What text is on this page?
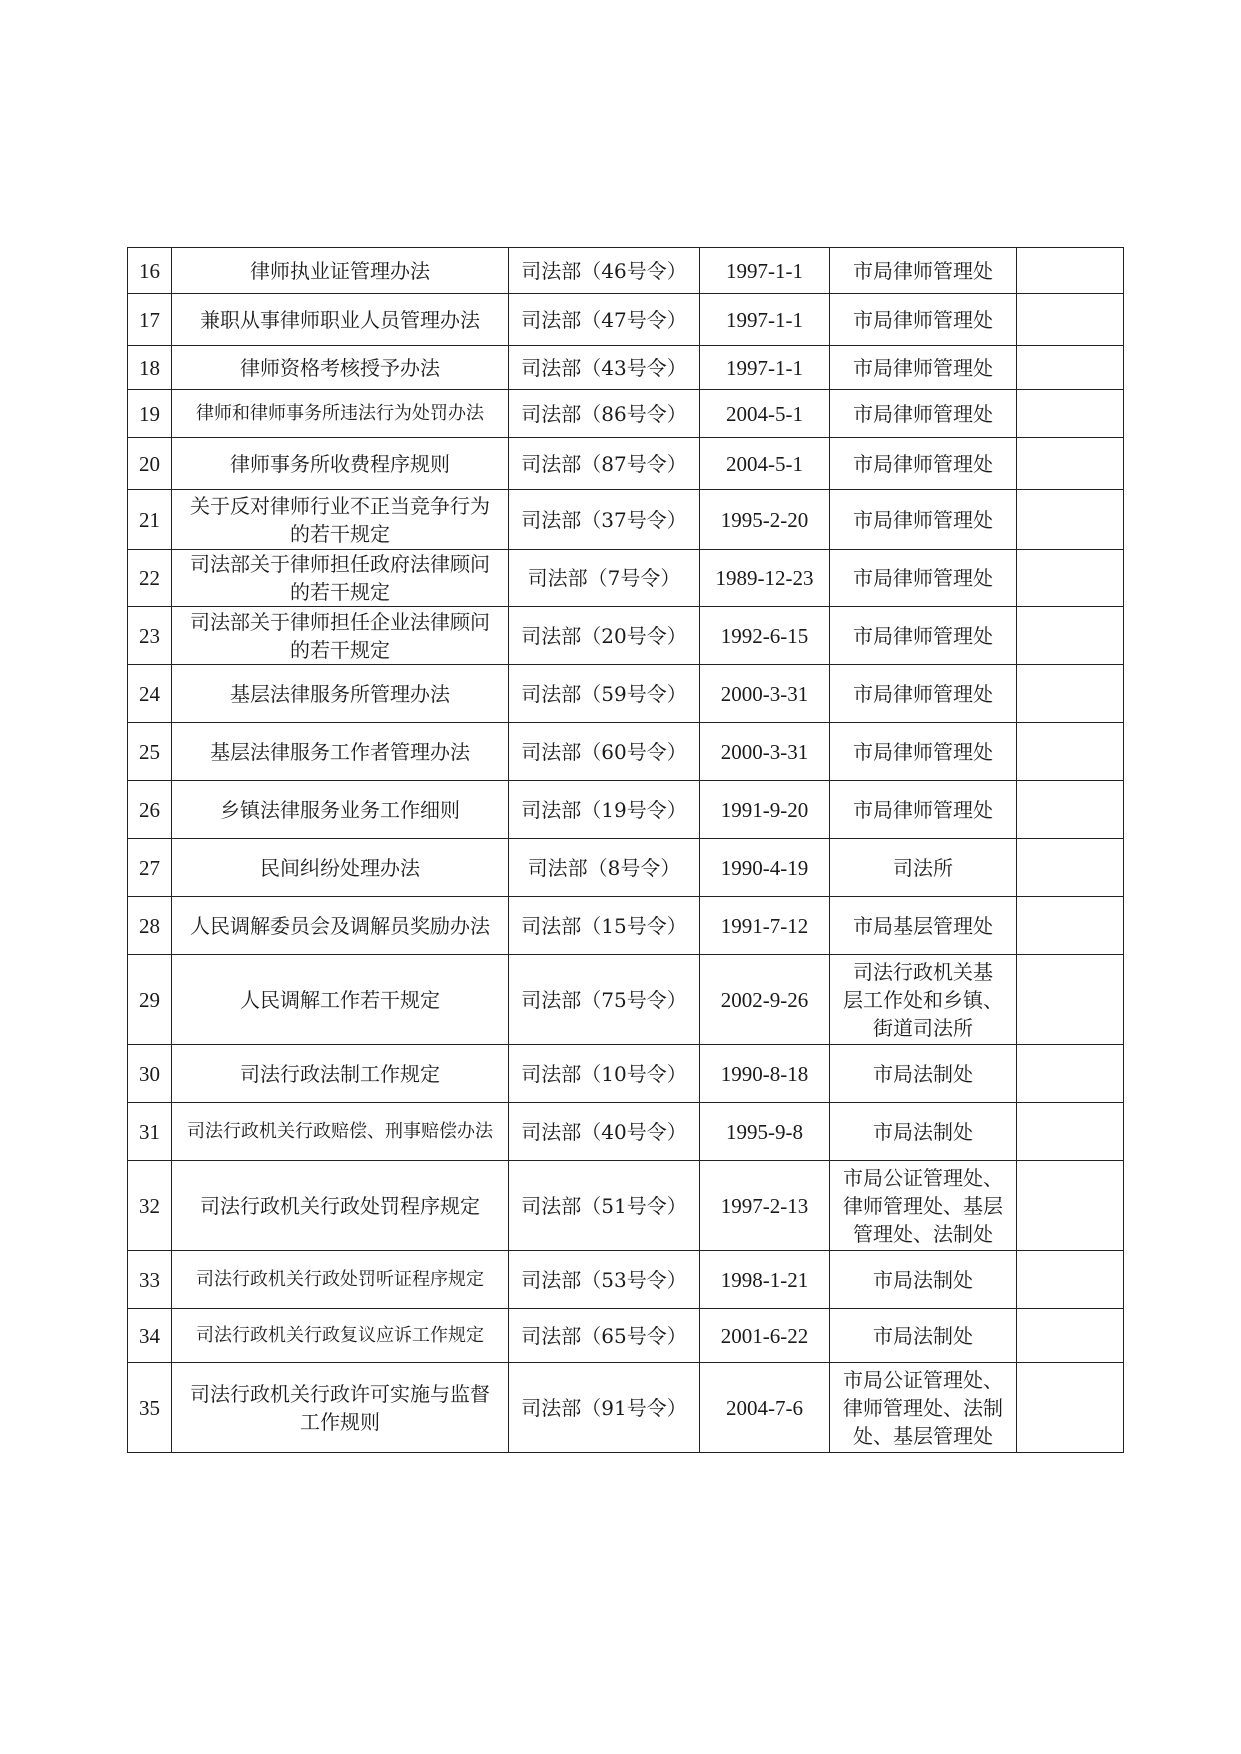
16	律师执业证管理办法	司法部（46号令）	1997-1-1	市局律师管理处	
17	兼职从事律师职业人员管理办法	司法部（47号令）	1997-1-1	市局律师管理处	
18	律师资格考核授予办法	司法部（43号令）	1997-1-1	市局律师管理处	
19	律师和律师事务所违法行为处罚办法	司法部（86号令）	2004-5-1	市局律师管理处	
20	律师事务所收费程序规则	司法部（87号令）	2004-5-1	市局律师管理处	
21	关于反对律师行业不正当竞争行为
的若干规定	司法部（37号令）	1995-2-20	市局律师管理处	
22	司法部关于律师担任政府法律顾问
的若干规定	司法部（7号令）	1989-12-23	市局律师管理处	
23	司法部关于律师担任企业法律顾问
的若干规定	司法部（20号令）	1992-6-15	市局律师管理处	
24	基层法律服务所管理办法	司法部（59号令）	2000-3-31	市局律师管理处	
25	基层法律服务工作者管理办法	司法部（60号令）	2000-3-31	市局律师管理处	
26	乡镇法律服务业务工作细则	司法部（19号令）	1991-9-20	市局律师管理处	
27	民间纠纷处理办法	司法部（8号令）	1990-4-19	司法所	
28	人民调解委员会及调解员奖励办法	司法部（15号令）	1991-7-12	市局基层管理处	
29	人民调解工作若干规定	司法部（75号令）	2002-9-26	司法行政机关基
层工作处和乡镇、
街道司法所	
30	司法行政法制工作规定	司法部（10号令）	1990-8-18	市局法制处	
31	司法行政机关行政赔偿、刑事赔偿办法	司法部（40号令）	1995-9-8	市局法制处	
32	司法行政机关行政处罚程序规定	司法部（51号令）	1997-2-13	市局公证管理处、
律师管理处、基层
管理处、法制处	
33	司法行政机关行政处罚听证程序规定	司法部（53号令）	1998-1-21	市局法制处	
34	司法行政机关行政复议应诉工作规定	司法部（65号令）	2001-6-22	市局法制处	
35	司法行政机关行政许可实施与监督
工作规则	司法部（91号令）	2004-7-6	市局公证管理处、
律师管理处、法制
处、基层管理处	
